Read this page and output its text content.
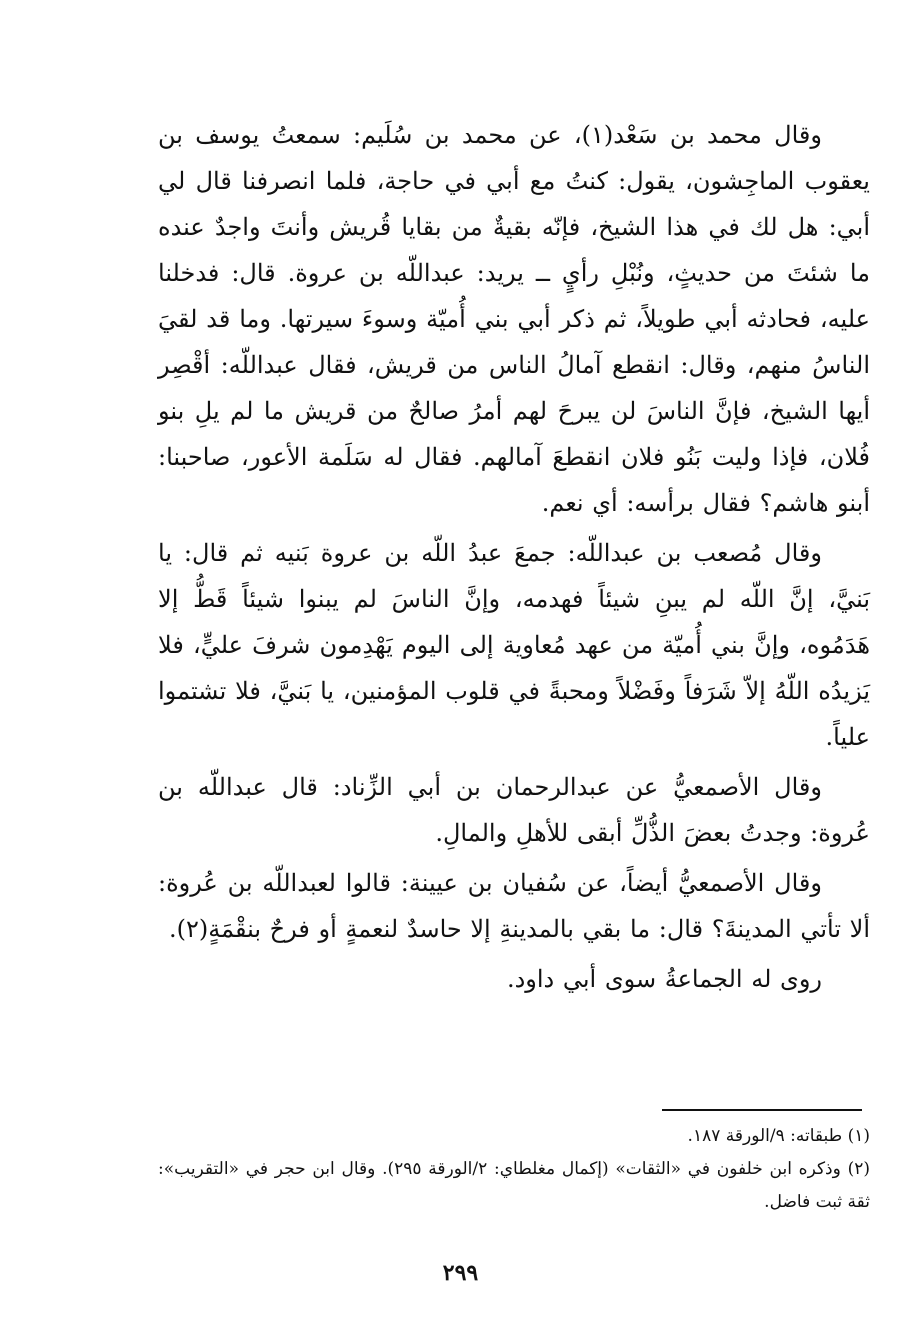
وقال محمد بن سَعْد(١)، عن محمد بن سُلَيم: سمعتُ يوسف بن يعقوب الماجِشون، يقول: كنتُ مع أبي في حاجة، فلما انصرفنا قال لي أبي: هل لك في هذا الشيخ، فإنّه بقيةٌ من بقايا قُريش وأنتَ واجدٌ عنده ما شئتَ من حديثٍ، ونُبْلِ رأيٍ ــ يريد: عبداللّه بن عروة. قال: فدخلنا عليه، فحادثه أبي طويلاً، ثم ذكر أبي بني أُميّة وسوءَ سيرتها. وما قد لقيَ الناسُ منهم، وقال: انقطع آمالُ الناس من قريش، فقال عبداللّه: أقْصِر أيها الشيخ، فإنَّ الناسَ لن يبرحَ لهم أمرُ صالحٌ من قريش ما لم يلِ بنو فُلان، فإذا وليت بَنُو فلان انقطعَ آمالهم. فقال له سَلَمة الأعور، صاحبنا: أبنو هاشم؟ فقال برأسه: أي نعم.

وقال مُصعب بن عبداللّه: جمعَ عبدُ اللّه بن عروة بَنيه ثم قال: يا بَنيَّ، إنَّ اللّه لم يبنِ شيئاً فهدمه، وإنَّ الناسَ لم يبنوا شيئاً قَطُّ إلا هَدَمُوه، وإنَّ بني أُميّة من عهد مُعاوية إلى اليوم يَهْدِمون شرفَ عليٍّ، فلا يَزيدُه اللّهُ إلاّ شَرَفاً وفَضْلاً ومحبةً في قلوب المؤمنين، يا بَنيَّ، فلا تشتموا علياً.

وقال الأصمعيُّ عن عبدالرحمان بن أبي الزِّناد: قال عبداللّه بن عُروة: وجدتُ بعضَ الذُّلِّ أبقى للأهلِ والمالِ.

وقال الأصمعيُّ أيضاً، عن سُفيان بن عيينة: قالوا لعبداللّه بن عُروة: ألا تأتي المدينةَ؟ قال: ما بقي بالمدينةِ إلا حاسدٌ لنعمةٍ أو فرحٌ بنقْمَةٍ(٢).

روى له الجماعةُ سوى أبي داود.

(١) طبقاته: ٩/الورقة ١٨٧.

(٢) وذكره ابن خلفون في «الثقات» (إكمال مغلطاي: ٢/الورقة ٢٩٥). وقال ابن حجر في «التقريب»: ثقة ثبت فاضل.

٢٩٩
